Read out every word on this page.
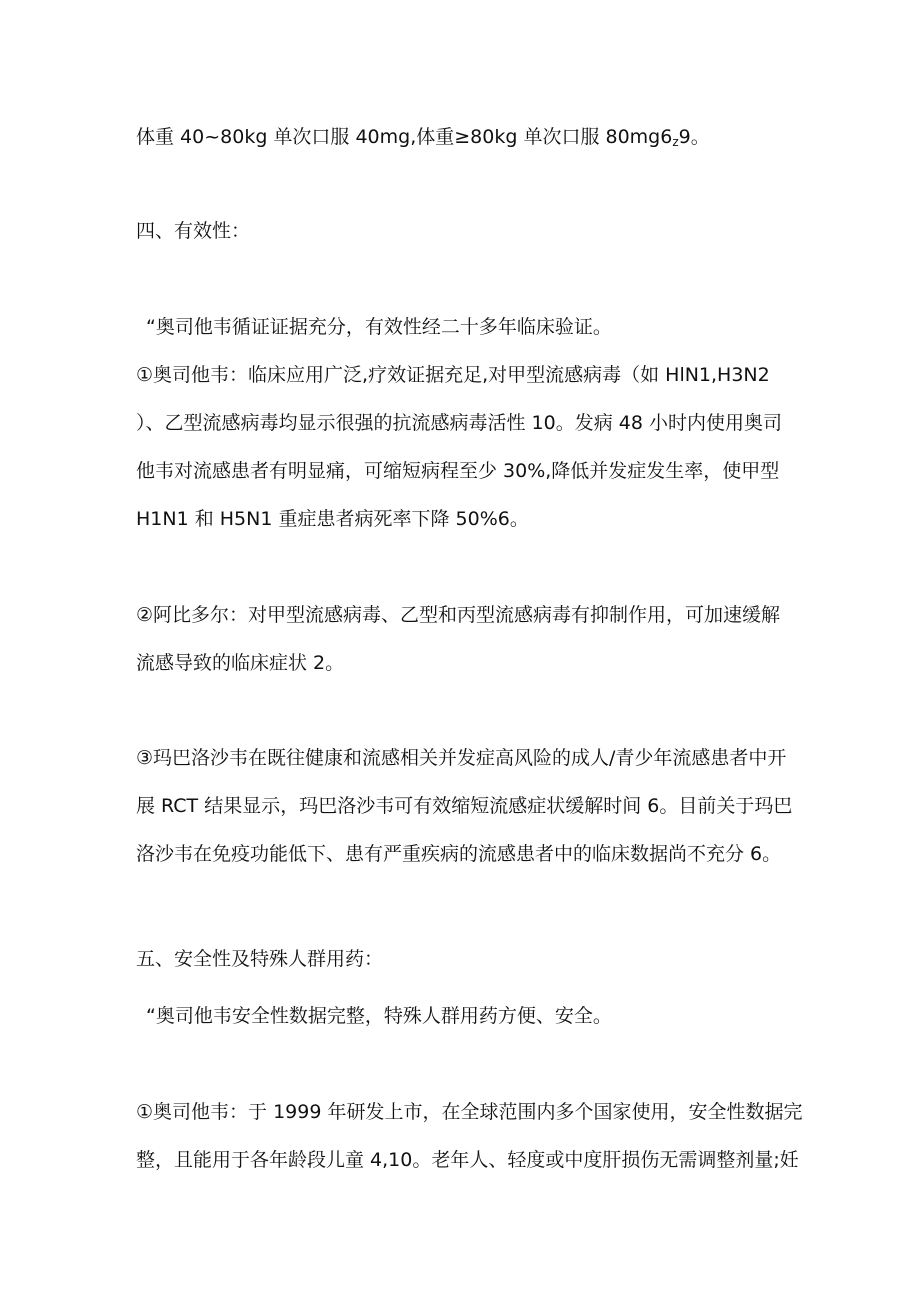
体重 40~80kg 单次口服 40mg,体重≥80kg 单次口服 $80mg6_z9$。
四、有效性：
“奥司他韦循证证据充分，有效性经二十多年临床验证。
①奥司他韦：临床应用广泛,疗效证据充足,对甲型流感病毒（如 HlN1,H3N2
）、乙型流感病毒均显示很强的抗流感病毒活性 10。发病 48 小时内使用奥司
他韦对流感患者有明显痛，可缩短病程至少 30%,降低并发症发生率，使甲型
H1N1 和 H5N1 重症患者病死率下降 50%6。
②阿比多尔：对甲型流感病毒、乙型和丙型流感病毒有抑制作用，可加速缓解
流感导致的临床症状 2。
③玛巴洛沙韦在既往健康和流感相关并发症高风险的成人/青少年流感患者中开
展 RCT 结果显示，玛巴洛沙韦可有效缩短流感症状缓解时间 6。目前关于玛巴
洛沙韦在免疫功能低下、患有严重疾病的流感患者中的临床数据尚不充分 6。
五、安全性及特殊人群用药：
“奥司他韦安全性数据完整，特殊人群用药方便、安全。
①奥司他韦：于 1999 年研发上市，在全球范围内多个国家使用，安全性数据完
整，且能用于各年龄段儿童 4,10。老年人、轻度或中度肝损伤无需调整剂量;妊
